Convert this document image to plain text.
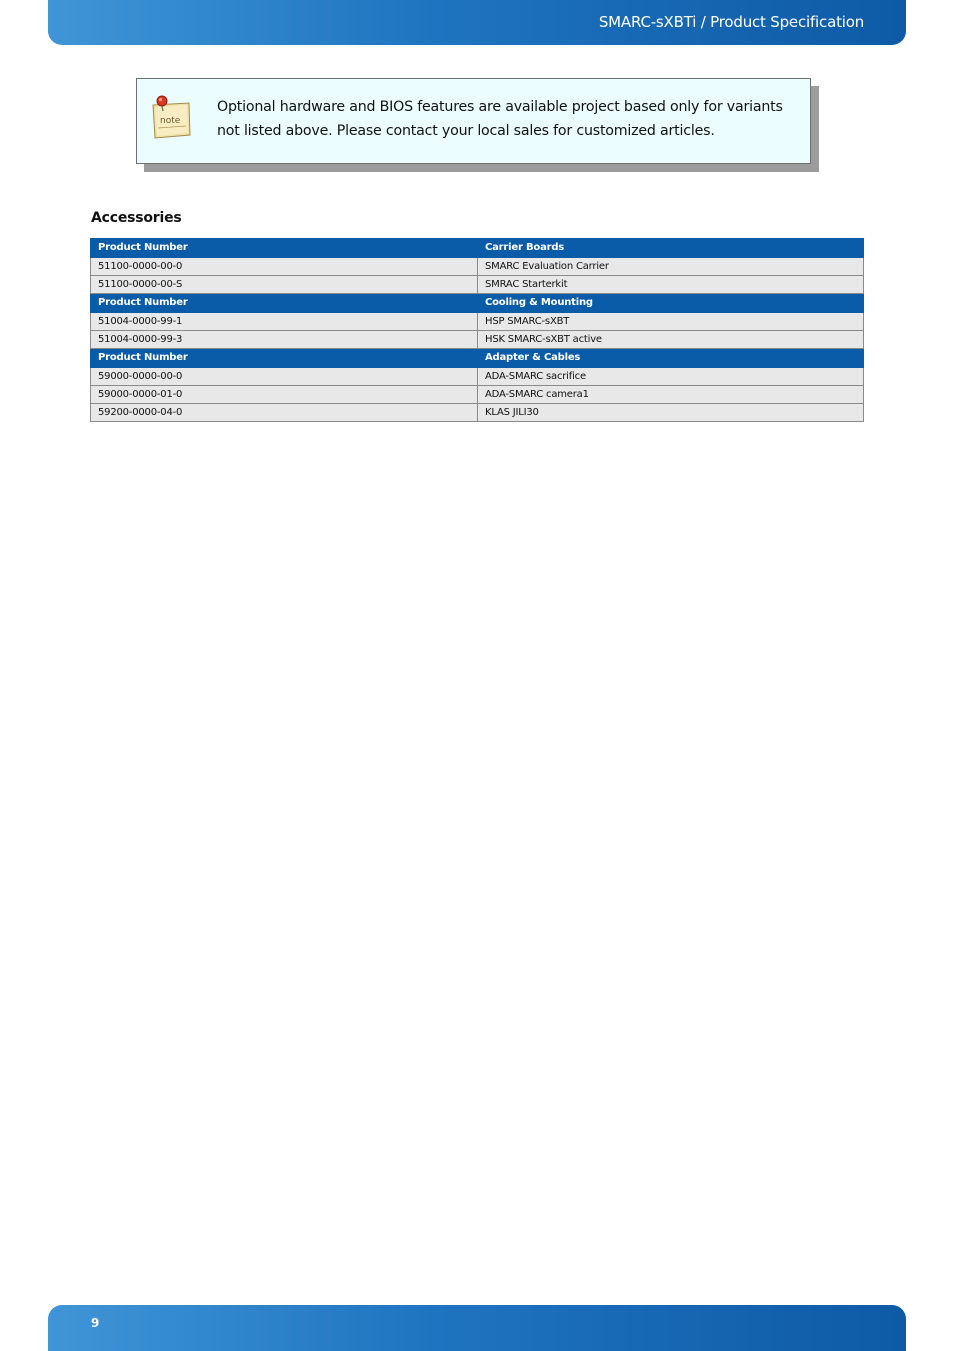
SMARC-sXBTi / Product Specification
note
Optional hardware and BIOS features are available project based only for variants not listed above. Please contact your local sales for customized articles.
Accessories
Product Number	Carrier Boards
51100-0000-00-0	SMARC Evaluation Carrier
51100-0000-00-S	SMRAC Starterkit
Product Number	Cooling & Mounting
51004-0000-99-1	HSP SMARC-sXBT
51004-0000-99-3	HSK SMARC-sXBT active
Product Number	Adapter & Cables
59000-0000-00-0	ADA-SMARC sacrifice
59000-0000-01-0	ADA-SMARC camera1
59200-0000-04-0	KLAS JILI30
9
